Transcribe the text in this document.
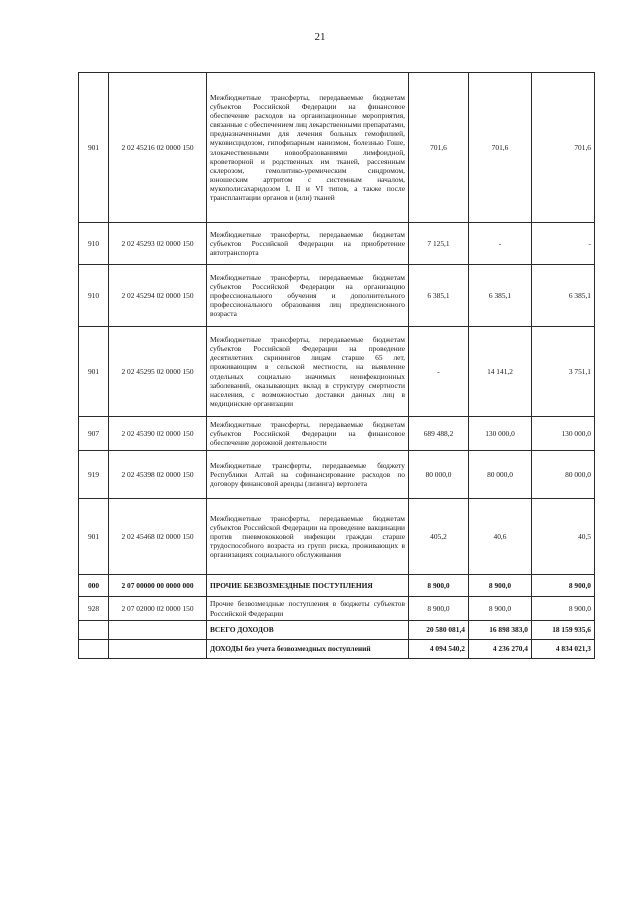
21
901	2 02 45216 02 0000 150	Межбюджетные трансферты, передаваемые бюджетам субъектов Российской Федерации на финансовое обеспечение расходов на организационные мероприятия, связанные с обеспечением лиц лекарственными препаратами, предназначенными для лечения больных гемофилией, муковисцидозом, гипофизарным нанизмом, болезнью Гоше, злокачественными новообразованиями лимфоидной, кроветворной и родственных им тканей, рассеянным склерозом, гемолитико-уремическим синдромом, юношеским артритом с системным началом, мукополисахаридозом I, II и VI типов, а также после трансплантации органов и (или) тканей	701,6	701,6	701,6
910	2 02 45293 02 0000 150	Межбюджетные трансферты, передаваемые бюджетам субъектов Российской Федерации на приобретение автотранспорта	7 125,1	-	-
910	2 02 45294 02 0000 150	Межбюджетные трансферты, передаваемые бюджетам субъектов Российской Федерации на организацию профессионального обучения и дополнительного профессионального образования лиц предпенсионного возраста	6 385,1	6 385,1	6 385,1
901	2 02 45295 02 0000 150	Межбюджетные трансферты, передаваемые бюджетам субъектов Российской Федерации на проведение десятилетних скринингов лицам старше 65 лет, проживающим в сельской местности, на выявление отдельных социально значимых неинфекционных заболеваний, оказывающих вклад в структуру смертности населения, с возможностью доставки данных лиц в медицинские организации	-	14 141,2	3 751,1
907	2 02 45390 02 0000 150	Межбюджетные трансферты, передаваемые бюджетам субъектов Российской Федерации на финансовое обеспечение дорожной деятельности	689 488,2	130 000,0	130 000,0
919	2 02 45398 02 0000 150	Межбюджетные трансферты, передаваемые бюджету Республики Алтай на софинансирование расходов по договору финансовой аренды (лизинга) вертолета	80 000,0	80 000,0	80 000,0
901	2 02 45468 02 0000 150	Межбюджетные трансферты, передаваемые бюджетам субъектов Российской Федерации на проведение вакцинации против пневмококковой инфекции граждан старше трудоспособного возраста из групп риска, проживающих в организациях социального обслуживания	405,2	40,6	40,5
000	2 07 00000 00 0000 000	ПРОЧИЕ БЕЗВОЗМЕЗДНЫЕ ПОСТУПЛЕНИЯ	8 900,0	8 900,0	8 900,0
928	2 07 02000 02 0000 150	Прочие безвозмездные поступления в бюджеты субъектов Российской Федерации	8 900,0	8 900,0	8 900,0
		ВСЕГО ДОХОДОВ	20 580 081,4	16 898 383,0	18 159 935,6
		ДОХОДЫ без учета безвозмездных поступлений	4 094 540,2	4 236 270,4	4 834 021,3
